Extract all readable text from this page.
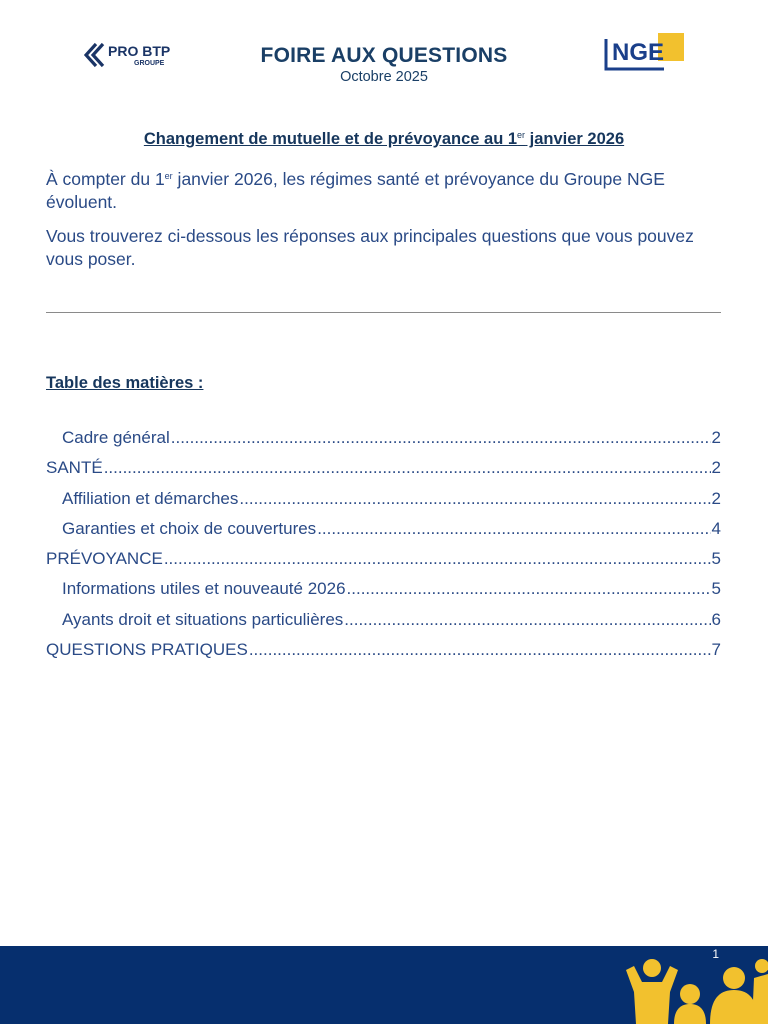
PRO BTP
GROUPE	NGE
FOIRE AUX QUESTIONS
Octobre 2025
Changement de mutuelle et de prévoyance au 1er janvier 2026

À compter du 1er janvier 2026, les régimes santé et prévoyance du Groupe NGE évoluent.

Vous trouverez ci-dessous les réponses aux principales questions que vous pouvez vous poser.

Table des matières :
Cadre général .....	2
SANTÉ .....	2
Affiliation et démarches .....	2
Garanties et choix de couvertures .....	4
PRÉVOYANCE .....	5
Informations utiles et nouveauté 2026 .....	5
Ayants droit et situations particulières .....	6
QUESTIONS PRATIQUES .....	7
1
